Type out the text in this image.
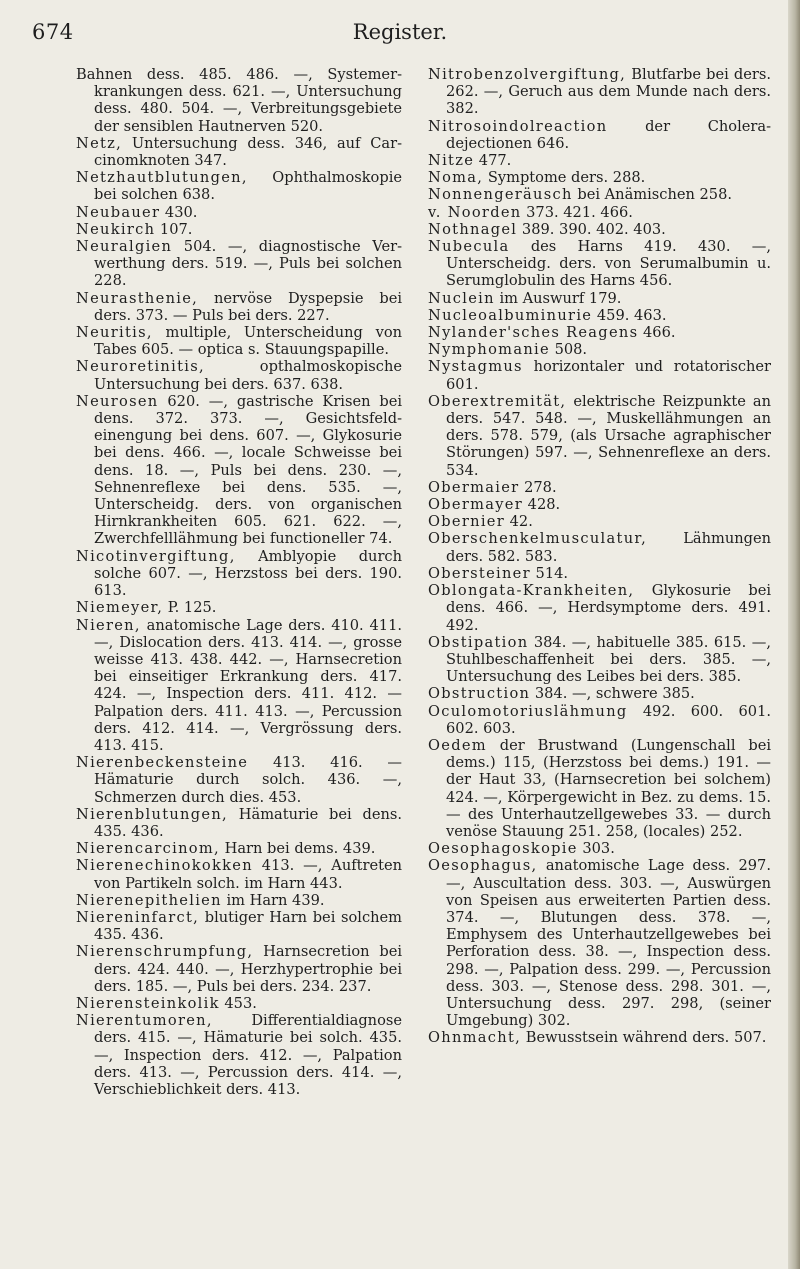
674	Register.

Bahnen dess. 485. 486. —, Systemerkrankungen dess. 621. —, Untersuchung dess. 480. 504. —, Verbreitungsgebiete der sensiblen Hautnerven 520.

Netz, Untersuchung dess. 346, auf Carcinomknoten 347.

Netzhautblutungen, Ophthalmoskopie bei solchen 638.

Neubauer 430.

Neukirch 107.

Neuralgien 504. —, diagnostische Verwerthung ders. 519. —, Puls bei solchen 228.

Neurasthenie, nervöse Dyspepsie bei ders. 373. — Puls bei ders. 227.

Neuritis, multiple, Unterscheidung von Tabes 605. — optica s. Stauungspapille.

Neuroretinitis,	opthalmoskopische Untersuchung bei ders. 637. 638.

Neurosen 620. —, gastrische Krisen bei dens. 372. 373. —, Gesichtsfeldeinengung bei dens. 607. —, Glykosurie bei dens. 466. —, locale Schweisse bei dens. 18. —, Puls bei dens. 230. —, Sehnenreflexe bei dens. 535. —, Unterscheidg. ders. von organischen Hirnkrankheiten 605. 621. 622. —, Zwerchfelllähmung bei functioneller 74.

Nicotinvergiftung, Amblyopie durch solche 607. —, Herzstoss bei ders. 190. 613.

Niemeyer, P. 125.

Nieren, anatomische Lage ders. 410. 411. —, Dislocation ders. 413. 414. —, grosse weisse 413. 438. 442. —, Harnsecretion bei einseitiger Erkrankung ders. 417. 424. —, Inspection ders. 411. 412. — Palpation ders. 411. 413. —, Percussion ders. 412. 414. —, Vergrössung ders. 413. 415.

Nierenbeckensteine 413. 416. — Hämaturie durch solch. 436. —, Schmerzen durch dies. 453.

Nierenblutungen, Hämaturie bei dens. 435. 436.

Nierencarcinom, Harn bei dems. 439.

Nierenechinokokken 413. —, Auftreten von Partikeln solch. im Harn 443.

Nierenepithelien im Harn 439.

Niereninfarct, blutiger Harn bei solchem 435. 436.

Nierenschrumpfung, Harnsecretion bei ders. 424. 440. —, Herzhypertrophie bei ders. 185. —, Puls bei ders. 234. 237.

Nierensteinkolik 453.

Nierentumoren,	Differentialdiagnose ders. 415. —, Hämaturie bei solch. 435. —, Inspection ders. 412. —, Palpation ders. 413. —, Percussion ders. 414. —, Verschieblichkeit ders. 413.

Nitrobenzolvergiftung, Blutfarbe bei ders. 262. —, Geruch aus dem Munde nach ders. 382.

Nitrosoindolreaction	der Choleradejectionen 646.

Nitze 477.

Noma, Symptome ders. 288.

Nonnengeräusch bei Anämischen 258.

v. Noorden 373. 421. 466.

Nothnagel 389. 390. 402. 403.

Nubecula des Harns 419. 430. —, Unterscheidg. ders. von Serumalbumin u. Serumglobulin des Harns 456.

Nuclein im Auswurf 179.

Nucleoalbuminurie 459. 463.

Nylander'sches Reagens 466.

Nymphomanie 508.

Nystagmus horizontaler und rotatorischer 601.

Oberextremität, elektrische Reizpunkte an ders. 547. 548. —, Muskellähmungen an ders. 578. 579, (als Ursache agraphischer Störungen) 597. —, Sehnenreflexe an ders. 534.

Obermaier 278.

Obermayer 428.

Obernier 42.

Oberschenkelmusculatur, Lähmungen ders. 582. 583.

Obersteiner 514.

Oblongata-Krankheiten, Glykosurie bei dens. 466. —, Herdsymptome ders. 491. 492.

Obstipation 384. —, habituelle 385. 615. —, Stuhlbeschaffenheit bei ders. 385. —, Untersuchung des Leibes bei ders. 385.

Obstruction 384. —, schwere 385.

Oculomotoriuslähmung 492. 600. 601. 602. 603.

Oedem der Brustwand (Lungenschall bei dems.) 115, (Herzstoss bei dems.) 191. — der Haut 33, (Harnsecretion bei solchem) 424. —, Körpergewicht in Bez. zu dems. 15. — des Unterhautzellgewebes 33. — durch venöse Stauung 251. 258, (locales) 252.

Oesophagoskopie 303.

Oesophagus, anatomische Lage dess. 297. —, Auscultation dess. 303. —, Auswürgen von Speisen aus erweiterten Partien dess. 374. —, Blutungen dess. 378. —, Emphysem des Unterhautzellgewebes bei Perforation dess. 38. —, Inspection dess. 298. —, Palpation dess. 299. —, Percussion dess. 303. —, Stenose dess. 298. 301. —, Untersuchung dess. 297. 298, (seiner Umgebung) 302.

Ohnmacht, Bewusstsein während ders. 507.
